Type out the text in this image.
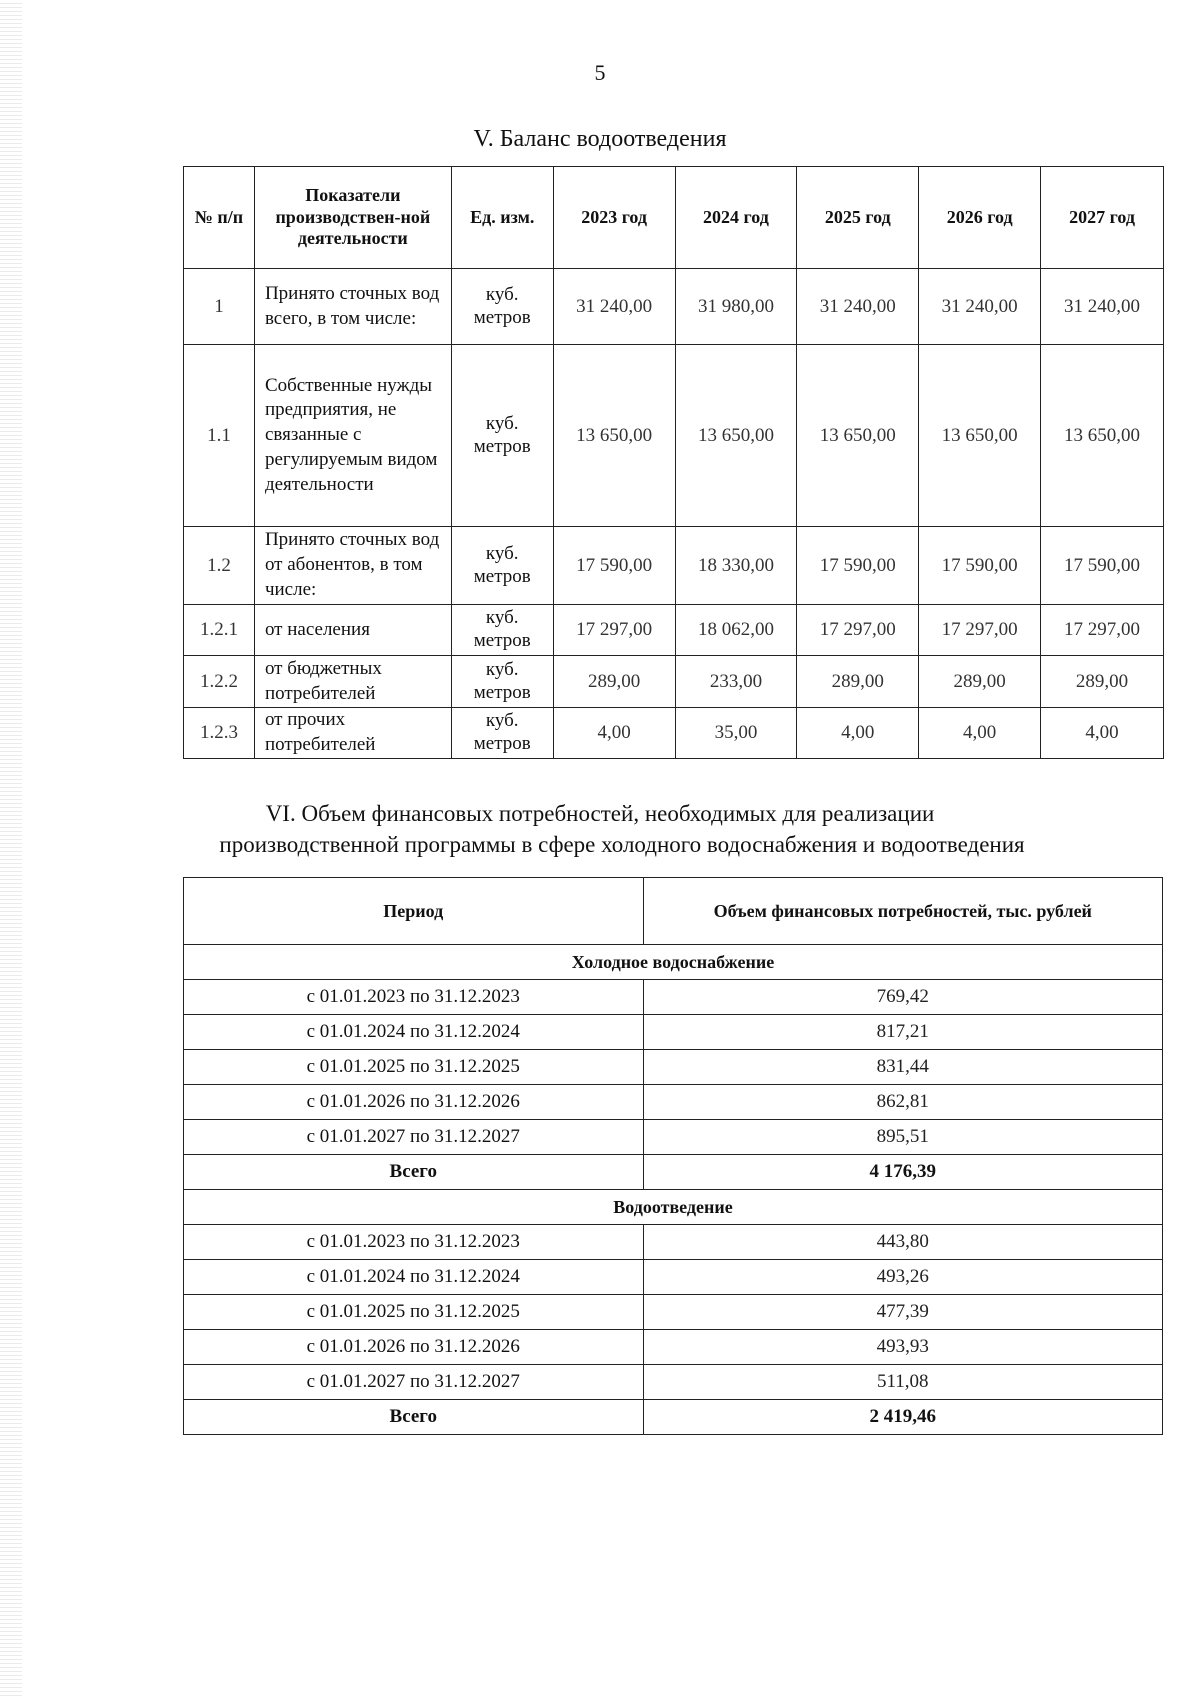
5
V. Баланс водоотведения
№ п/п	Показатели производствен-ной деятельности	Ед. изм.	2023 год	2024 год	2025 год	2026 год	2027 год
1	Принято сточных вод всего, в том числе:	куб. метров	31 240,00	31 980,00	31 240,00	31 240,00	31 240,00
1.1	Собственные нужды предприятия, не связанные с регулируемым видом деятельности	куб. метров	13 650,00	13 650,00	13 650,00	13 650,00	13 650,00
1.2	Принято сточных вод от абонентов, в том числе:	куб. метров	17 590,00	18 330,00	17 590,00	17 590,00	17 590,00
1.2.1	от населения	куб. метров	17 297,00	18 062,00	17 297,00	17 297,00	17 297,00
1.2.2	от бюджетных потребителей	куб. метров	289,00	233,00	289,00	289,00	289,00
1.2.3	от прочих потребителей	куб. метров	4,00	35,00	4,00	4,00	4,00
VI. Объем финансовых потребностей, необходимых для реализации
производственной программы в сфере холодного водоснабжения и водоотведения
Период	Объем финансовых потребностей, тыс. рублей
Холодное водоснабжение	
с 01.01.2023 по 31.12.2023	769,42
с 01.01.2024 по 31.12.2024	817,21
с 01.01.2025 по 31.12.2025	831,44
с 01.01.2026 по 31.12.2026	862,81
с 01.01.2027 по 31.12.2027	895,51
Всего	4 176,39
Водоотведение	
с 01.01.2023 по 31.12.2023	443,80
с 01.01.2024 по 31.12.2024	493,26
с 01.01.2025 по 31.12.2025	477,39
с 01.01.2026 по 31.12.2026	493,93
с 01.01.2027 по 31.12.2027	511,08
Всего	2 419,46
